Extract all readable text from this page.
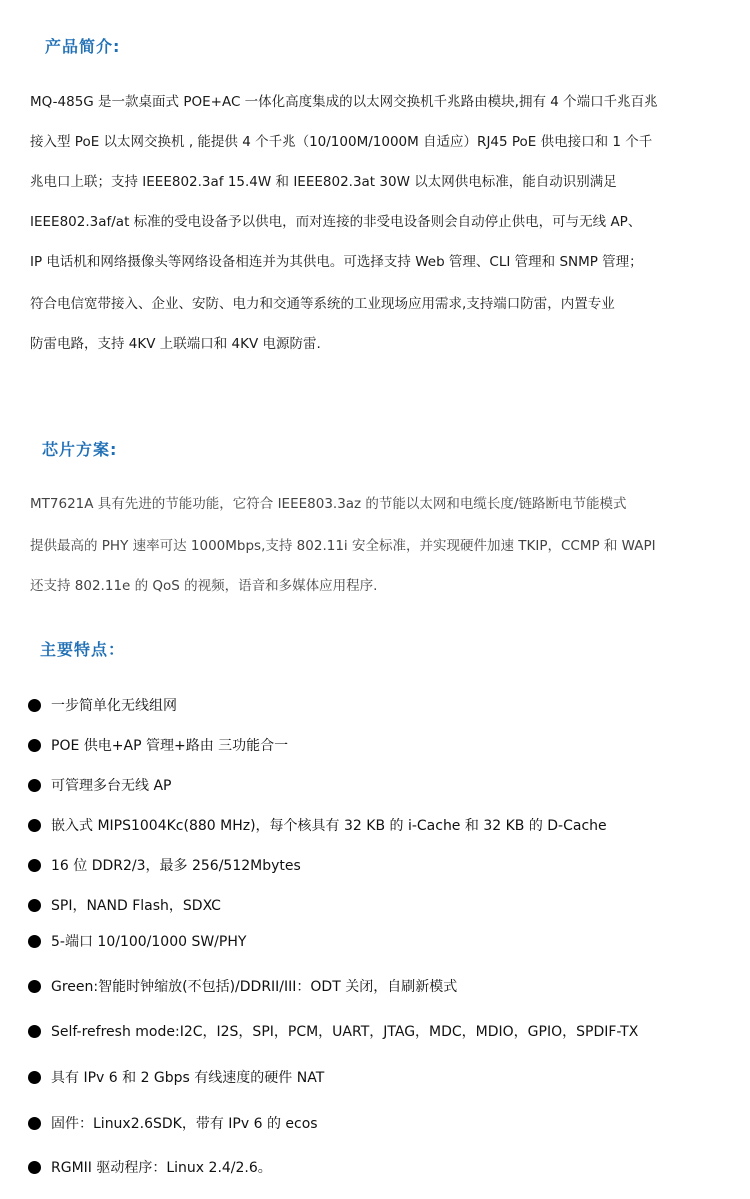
产品简介:
MQ-485G 是一款桌面式 POE+AC 一体化高度集成的以太网交换机千兆路由模块,拥有 4 个端口千兆百兆
接入型 PoE 以太网交换机 , 能提供 4 个千兆（10/100M/1000M 自适应）RJ45 PoE 供电接口和 1 个千
兆电口上联；支持 IEEE802.3af 15.4W 和 IEEE802.3at 30W 以太网供电标准，能自动识别满足
IEEE802.3af/at 标准的受电设备予以供电，而对连接的非受电设备则会自动停止供电，可与无线 AP、
IP 电话机和网络摄像头等网络设备相连并为其供电。可选择支持 Web 管理、CLI 管理和 SNMP 管理；
符合电信宽带接入、企业、安防、电力和交通等系统的工业现场应用需求,支持端口防雷，内置专业
防雷电路，支持 4KV 上联端口和 4KV 电源防雷.
芯片方案:
MT7621A 具有先进的节能功能，它符合 IEEE803.3az 的节能以太网和电缆长度/链路断电节能模式
提供最高的 PHY 速率可达 1000Mbps,支持 802.11i 安全标准，并实现硬件加速 TKIP，CCMP 和 WAPI
还支持 802.11e 的 QoS 的视频，语音和多媒体应用程序.
主要特点：
一步简单化无线组网
POE 供电+AP 管理+路由 三功能合一
可管理多台无线 AP
嵌入式 MIPS1004Kc(880 MHz)，每个核具有 32 KB 的 i-Cache 和 32 KB 的 D-Cache
16 位 DDR2/3，最多 256/512Mbytes
SPI，NAND Flash，SDXC
5-端口 10/100/1000 SW/PHY
Green:智能时钟缩放(不包括)/DDRII/III：ODT 关闭，自刷新模式
Self-refresh mode:I2C，I2S，SPI，PCM，UART，JTAG，MDC，MDIO，GPIO，SPDIF-TX
具有 IPv 6 和 2 Gbps 有线速度的硬件 NAT
固件：Linux2.6SDK，带有 IPv 6 的 ecos
RGMII 驱动程序：Linux 2.4/2.6。
